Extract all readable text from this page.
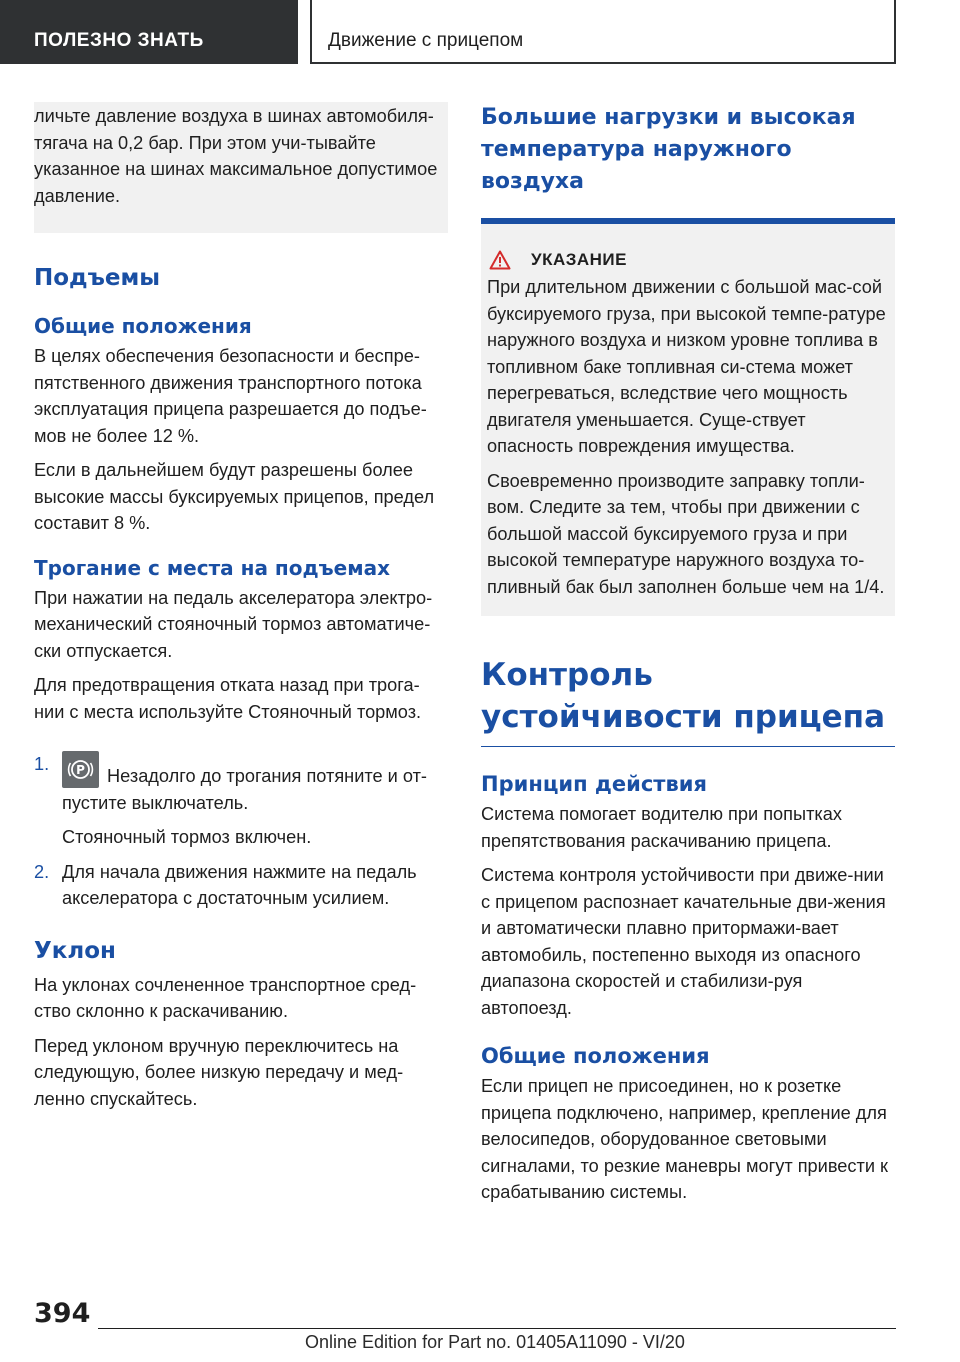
ПОЛЕЗНО ЗНАТЬ	Движение с прицепом

личьте давление воздуха в шинах автомобиля-тягача на 0,2 бар. При этом учи-тывайте указанное на шинах максимальное допустимое давление.

Подъемы
Общие положения

В целях обеспечения безопасности и беспре-пятственного движения транспортного потока эксплуатация прицепа разрешается до подъе-мов не более 12 %.

Если в дальнейшем будут разрешены более высокие массы буксируемых прицепов, предел составит 8 %.

Трогание с места на подъемах

При нажатии на педаль акселератора электро-механический стояночный тормоз автоматиче-ски отпускается.

Для предотвращения отката назад при трога-нии с места используйте Стояночный тормоз.

1. P Незадолго до трогания потяните и от-пустите выключатель.
Стояночный тормоз включен.
2. Для начала движения нажмите на педаль акселератора с достаточным усилием.
Уклон

На уклонах сочлененное транспортное сред-ство склонно к раскачиванию.

Перед уклоном вручную переключитесь на следующую, более низкую передачу и мед-ленно спускайтесь.

Большие нагрузки и высокая температура наружного воздуха
УКАЗАНИЕ

При длительном движении с большой мас-сой буксируемого груза, при высокой темпе-ратуре наружного воздуха и низком уровне топлива в топливном баке топливная си-стема может перегреваться, вследствие чего мощность двигателя уменьшается. Суще-ствует опасность повреждения имущества.

Своевременно производите заправку топли-вом. Следите за тем, чтобы при движении с большой массой буксируемого груза и при высокой температуре наружного воздуха то-пливный бак был заполнен больше чем на 1/4.

Контроль устойчивости прицепа
Принцип действия

Система помогает водителю при попытках препятствования раскачиванию прицепа.

Система контроля устойчивости при движе-нии с прицепом распознает качательные дви-жения и автоматически плавно притормажи-вает автомобиль, постепенно выходя из опасного диапазона скоростей и стабилизи-руя автопоезд.

Общие положения

Если прицеп не присоединен, но к розетке прицепа подключено, например, крепление для велосипедов, оборудованное световыми сигналами, то резкие маневры могут привести к срабатыванию системы.

394
Online Edition for Part no. 01405A11090 - VI/20
